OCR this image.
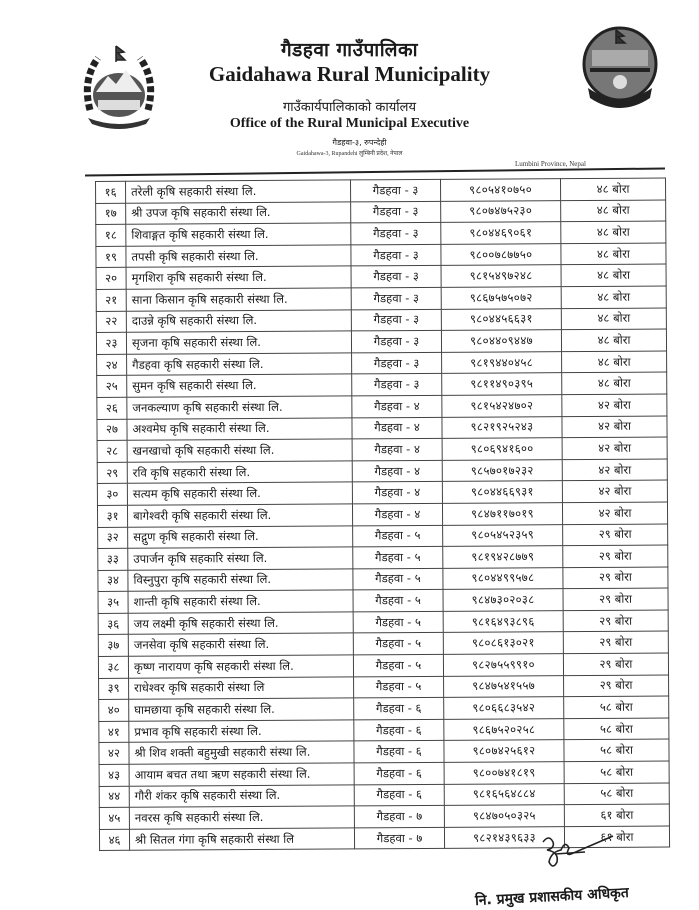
गैडहवा गाउँपालिका
Gaidahawa Rural Municipality
गाउँकार्यपालिकाको कार्यालय
Office of the Rural Municipal Executive
गैडहवा-३, रुपन्देही
Gaidahawa-3, Rupandehi लुम्बिनी प्रदेश, नेपाल
Lumbini Province, Nepal
१६	तरेली कृषि सहकारी संस्था लि.	गैडहवा - ३	९८०५४१०७५०	४८ बोरा
१७	श्री उपज कृषि सहकारी संस्था लि.	गैडहवा - ३	९८०७४७५२३०	४८ बोरा
१८	शिवाङ्गत कृषि सहकारी संस्था लि.	गैडहवा - ३	९८०४४६९०६१	४८ बोरा
१९	तपसी कृषि सहकारी संस्था लि.	गैडहवा - ३	९८००७८७७५०	४८ बोरा
२०	मृगशिरा कृषि सहकारी संस्था लि.	गैडहवा - ३	९८१५४९७२४८	४८ बोरा
२१	साना किसान कृषि सहकारी संस्था लि.	गैडहवा - ३	९८६७५७५०७२	४८ बोरा
२२	दाउन्ने कृषि सहकारी संस्था लि.	गैडहवा - ३	९८०४४५६६३१	४८ बोरा
२३	सृजना कृषि सहकारी संस्था लि.	गैडहवा - ३	९८०४४०९४४७	४८ बोरा
२४	गैडहवा कृषि सहकारी संस्था लि.	गैडहवा - ३	९८१९४४०४५८	४८ बोरा
२५	सुमन कृषि सहकारी संस्था लि.	गैडहवा - ३	९८११४९०३९५	४८ बोरा
२६	जनकल्याण कृषि सहकारी संस्था लि.	गैडहवा - ४	९८१५४२४७०२	४२ बोरा
२७	अश्वमेघ कृषि सहकारी संस्था लि.	गैडहवा - ४	९८२१९२५२४३	४२ बोरा
२८	खनखाचो कृषि सहकारी संस्था लि.	गैडहवा - ४	९८०६९४१६००	४२ बोरा
२९	रवि कृषि सहकारी संस्था लि.	गैडहवा - ४	९८५७०१७२३२	४२ बोरा
३०	सत्यम कृषि सहकारी संस्था लि.	गैडहवा - ४	९८०४४६६९३१	४२ बोरा
३१	बागेश्वरी कृषि सहकारी संस्था लि.	गैडहवा - ४	९८४७११७०१९	४२ बोरा
३२	सद्गुण कृषि सहकारी संस्था लि.	गैडहवा - ५	९८०५४५२३५९	२९ बोरा
३३	उपार्जन कृषि सहकारि संस्था लि.	गैडहवा - ५	९८१९४२८७७९	२९ बोरा
३४	विस्नुपुरा कृषि सहकारी संस्था लि.	गैडहवा - ५	९८०४४९९५७८	२९ बोरा
३५	शान्ती कृषि सहकारी संस्था लि.	गैडहवा - ५	९८४७३०२०३८	२९ बोरा
३६	जय लक्ष्मी कृषि सहकारी संस्था लि.	गैडहवा - ५	९८१६४९३८९६	२९ बोरा
३७	जनसेवा कृषि सहकारी संस्था लि.	गैडहवा - ५	९८०८६१३०२१	२९ बोरा
३८	कृष्ण नारायण कृषि सहकारी संस्था लि.	गैडहवा - ५	९८२७५५९९१०	२९ बोरा
३९	राधेश्वर कृषि सहकारी संस्था लि	गैडहवा - ५	९८४७५४१५५७	२९ बोरा
४०	घामछाया कृषि सहकारी संस्था लि.	गैडहवा - ६	९८०६६८३५४२	५८ बोरा
४१	प्रभाव कृषि सहकारी संस्था लि.	गैडहवा - ६	९८६७५२०२५८	५८ बोरा
४२	श्री शिव शक्ती बहुमुखी सहकारी संस्था लि.	गैडहवा - ६	९८०७४२५६१२	५८ बोरा
४३	आयाम बचत तथा ऋण सहकारी संस्था लि.	गैडहवा - ६	९८००७४१८१९	५८ बोरा
४४	गौरी शंकर कृषि सहकारी संस्था लि.	गैडहवा - ६	९८१६५६४८८४	५८ बोरा
४५	नवरस कृषि सहकारी संस्था लि.	गैडहवा - ७	९८४७०५०३२५	६१ बोरा
४६	श्री सितल गंगा कृषि सहकारी संस्था लि	गैडहवा - ७	९८२१४३९६३३	६१ बोरा
नि. प्रमुख प्रशासकीय अधिकृत
